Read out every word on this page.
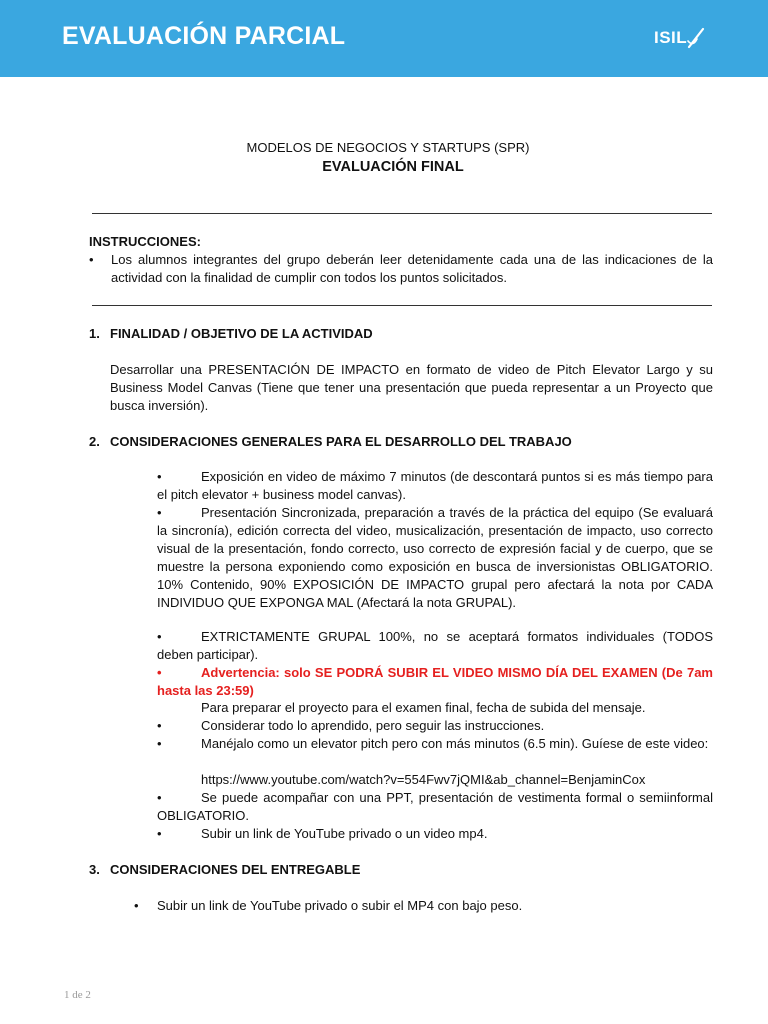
EVALUACIÓN PARCIAL	ISIL
MODELOS DE NEGOCIOS Y STARTUPS (SPR)
EVALUACIÓN FINAL
INSTRUCCIONES:
• Los alumnos integrantes del grupo deberán leer detenidamente cada una de las indicaciones de la actividad con la finalidad de cumplir con todos los puntos solicitados.
1. FINALIDAD / OBJETIVO DE LA ACTIVIDAD
Desarrollar una PRESENTACIÓN DE IMPACTO en formato de video de Pitch Elevator Largo y su Business Model Canvas (Tiene que tener una presentación que pueda representar a un Proyecto que busca inversión).
2. CONSIDERACIONES GENERALES PARA EL DESARROLLO DEL TRABAJO
•	Exposición en video de máximo 7 minutos (de descontará puntos si es más tiempo para el pitch elevator + business model canvas).
•	Presentación Sincronizada, preparación a través de la práctica del equipo (Se evaluará la sincronía), edición correcta del video, musicalización, presentación de impacto, uso correcto visual de la presentación, fondo correcto, uso correcto de expresión facial y de cuerpo, que se muestre la persona exponiendo como exposición en busca de inversionistas OBLIGATORIO. 10% Contenido, 90% EXPOSICIÓN DE IMPACTO grupal pero afectará la nota por CADA INDIVIDUO QUE EXPONGA MAL (Afectará la nota GRUPAL).
•	EXTRICTAMENTE GRUPAL 100%, no se aceptará formatos individuales (TODOS deben participar).
•	Advertencia: solo SE PODRÁ SUBIR EL VIDEO MISMO DÍA DEL EXAMEN (De 7am hasta las 23:59)
Para preparar el proyecto para el examen final, fecha de subida del mensaje.
•	Considerar todo lo aprendido, pero seguir las instrucciones.
•	Manéjalo como un elevator pitch pero con más minutos (6.5 min). Guíese de este video:
https://www.youtube.com/watch?v=554Fwv7jQMI&ab_channel=BenjaminCox
•	Se puede acompañar con una PPT, presentación de vestimenta formal o semiinformal OBLIGATORIO.
•	Subir un link de YouTube privado o un video mp4.
3. CONSIDERACIONES DEL ENTREGABLE
• Subir un link de YouTube privado o subir el MP4 con bajo peso.
1 de 2
